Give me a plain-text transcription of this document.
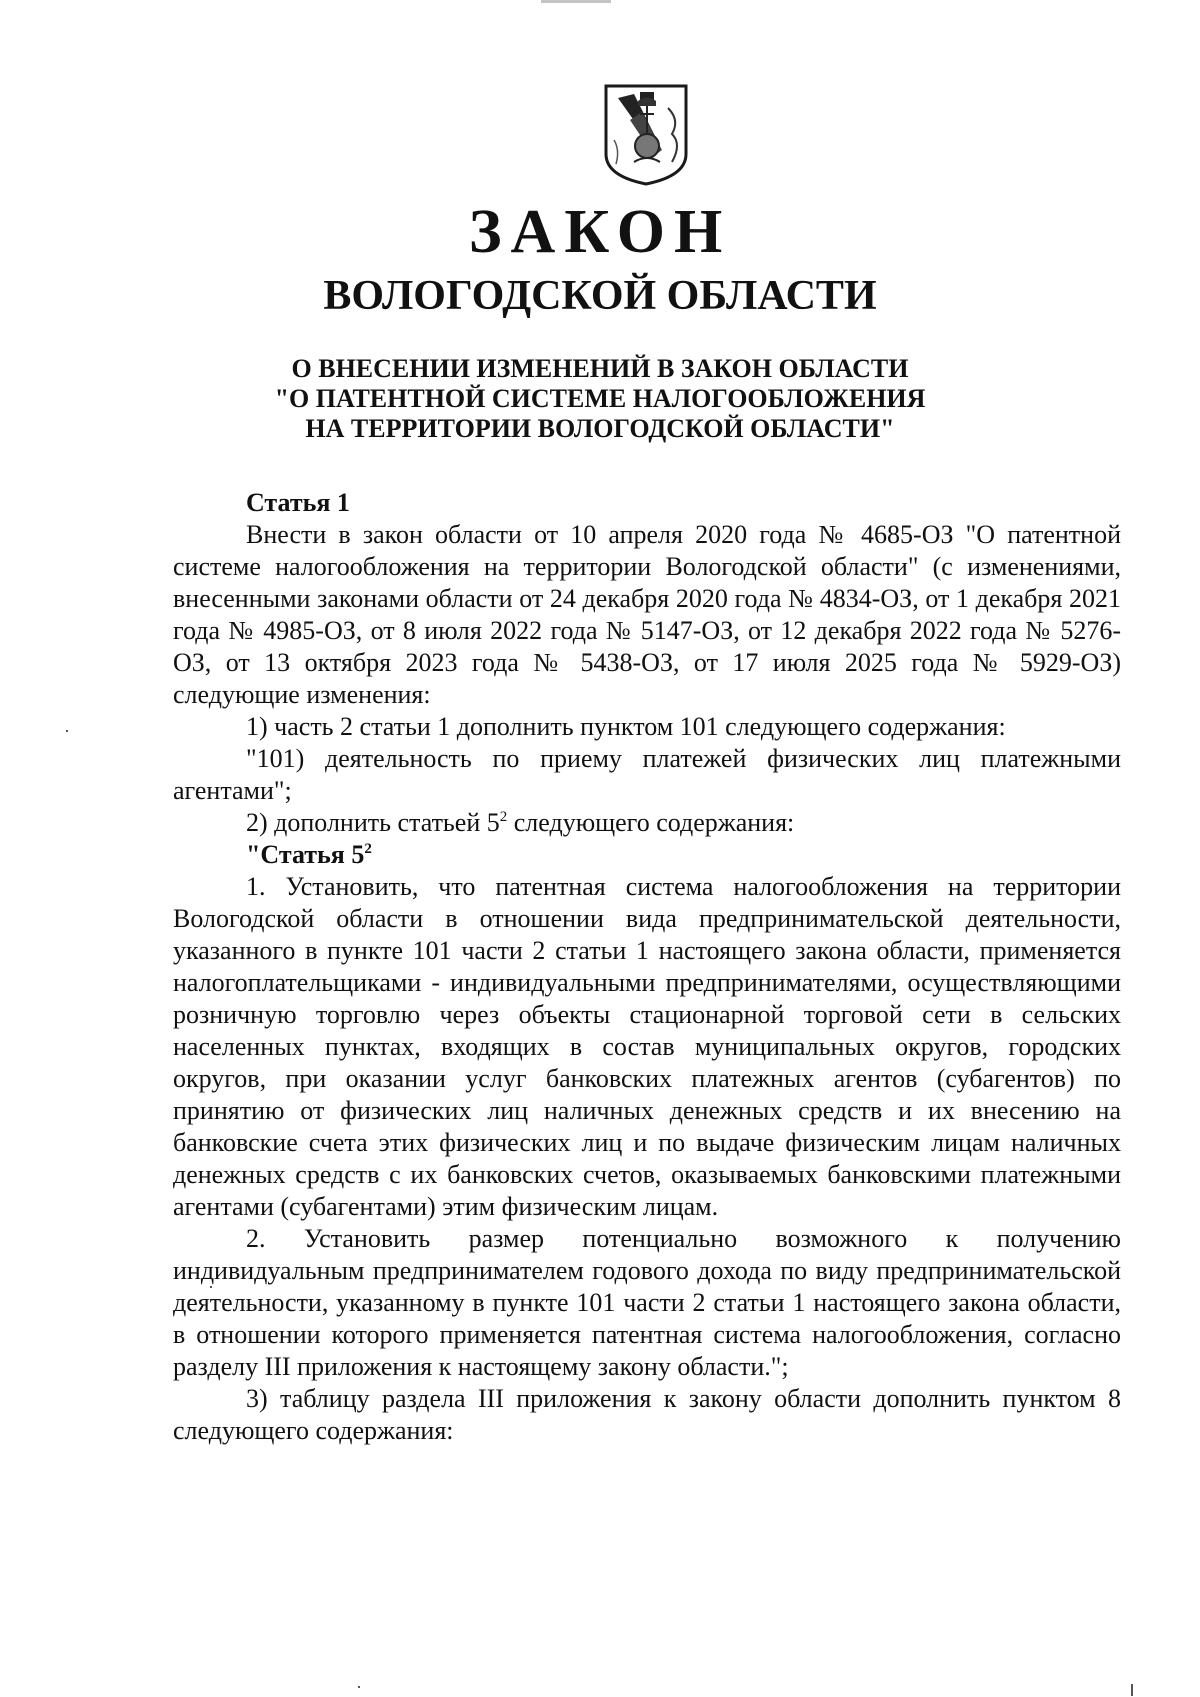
ЗАКОН
ВОЛОГОДСКОЙ ОБЛАСТИ
О ВНЕСЕНИИ ИЗМЕНЕНИЙ В ЗАКОН ОБЛАСТИ
"О ПАТЕНТНОЙ СИСТЕМЕ НАЛОГООБЛОЖЕНИЯ
НА ТЕРРИТОРИИ ВОЛОГОДСКОЙ ОБЛАСТИ"

Статья 1

Внести в закон области от 10 апреля 2020 года № 4685-ОЗ "О патентной системе налогообложения на территории Вологодской области" (с изменениями, внесенными законами области от 24 декабря 2020 года № 4834-ОЗ, от 1 декабря 2021 года № 4985-ОЗ, от 8 июля 2022 года № 5147-ОЗ, от 12 декабря 2022 года № 5276-ОЗ, от 13 октября 2023 года № 5438-ОЗ, от 17 июля 2025 года № 5929-ОЗ) следующие изменения:

1) часть 2 статьи 1 дополнить пунктом 101 следующего содержания:

"101) деятельность по приему платежей физических лиц платежными агентами";

2) дополнить статьей $5^2$ следующего содержания:

"Статья $5^2$

1. Установить, что патентная система налогообложения на территории Вологодской области в отношении вида предпринимательской деятельности, указанного в пункте 101 части 2 статьи 1 настоящего закона области, применяется налогоплательщиками - индивидуальными предпринимателями, осуществляющими розничную торговлю через объекты стационарной торговой сети в сельских населенных пунктах, входящих в состав муниципальных округов, городских округов, при оказании услуг банковских платежных агентов (субагентов) по принятию от физических лиц наличных денежных средств и их внесению на банковские счета этих физических лиц и по выдаче физическим лицам наличных денежных средств с их банковских счетов, оказываемых банковскими платежными агентами (субагентами) этим физическим лицам.

2. Установить размер потенциально возможного к получению индивидуальным предпринимателем годового дохода по виду предпринимательской деятельности, указанному в пункте 101 части 2 статьи 1 настоящего закона области, в отношении которого применяется патентная система налогообложения, согласно разделу III приложения к настоящему закону области.";

3) таблицу раздела III приложения к закону области дополнить пунктом 8 следующего содержания:
